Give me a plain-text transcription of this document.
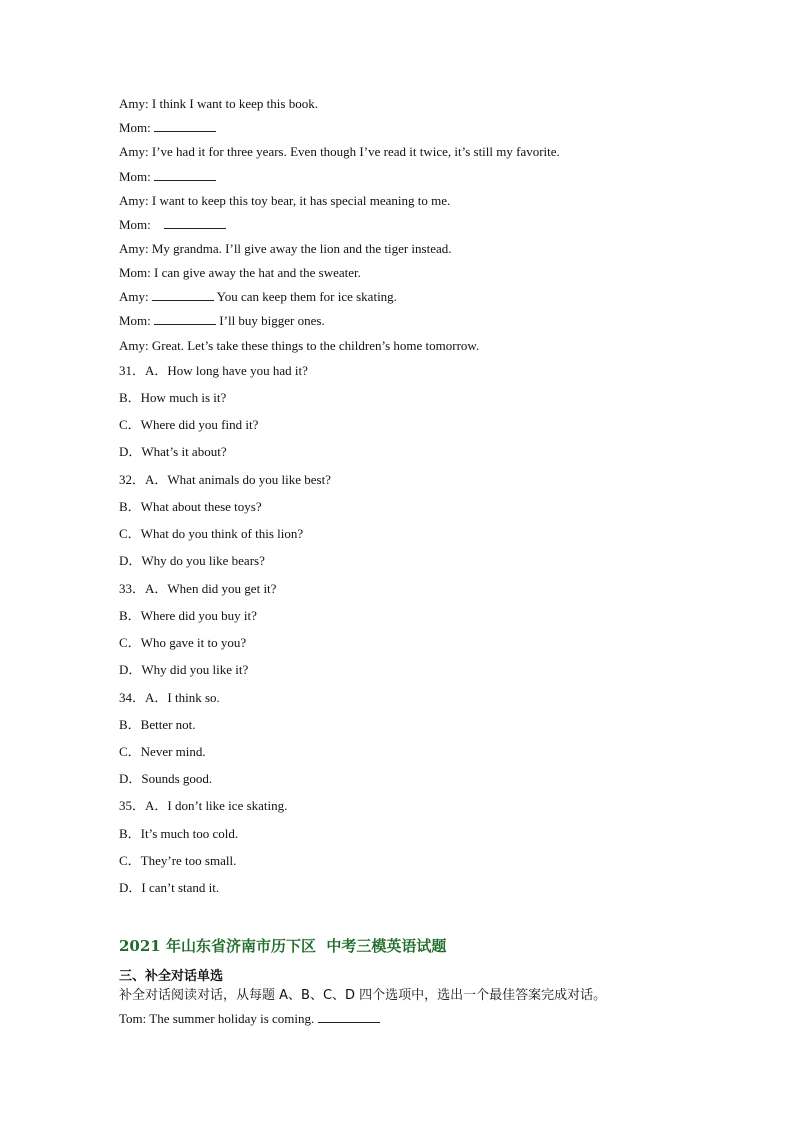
Amy: I think I want to keep this book.
Mom:
Amy: I’ve had it for three years. Even though I’ve read it twice, it’s still my favorite.
Mom:
Amy: I want to keep this toy bear, it has special meaning to me.
Mom:
Amy: My grandma. I’ll give away the lion and the tiger instead.
Mom: I can give away the hat and the sweater.
Amy:	You can keep them for ice skating.
Mom:	I’ll buy bigger ones.
Amy: Great. Let’s take these things to the children’s home tomorrow.
31．A．How long have you had it?
B．How much is it?
C．Where did you find it?
D．What’s it about?
32．A．What animals do you like best?
B．What about these toys?
C．What do you think of this lion?
D．Why do you like bears?
33．A．When did you get it?
B．Where did you buy it?
C．Who gave it to you?
D．Why did you like it?
34．A．I think so.
B．Better not.
C．Never mind.
D．Sounds good.
35．A．I don’t like ice skating.
B．It’s much too cold.
C．They’re too small.
D．I can’t stand it.
2021 年山东省济南市历下区  中考三模英语试题
三、补全对话单选
补全对话阅读对话，从每题 A、B、C、D 四个选项中，选出一个最佳答案完成对话。
Tom: The summer holiday is coming.
